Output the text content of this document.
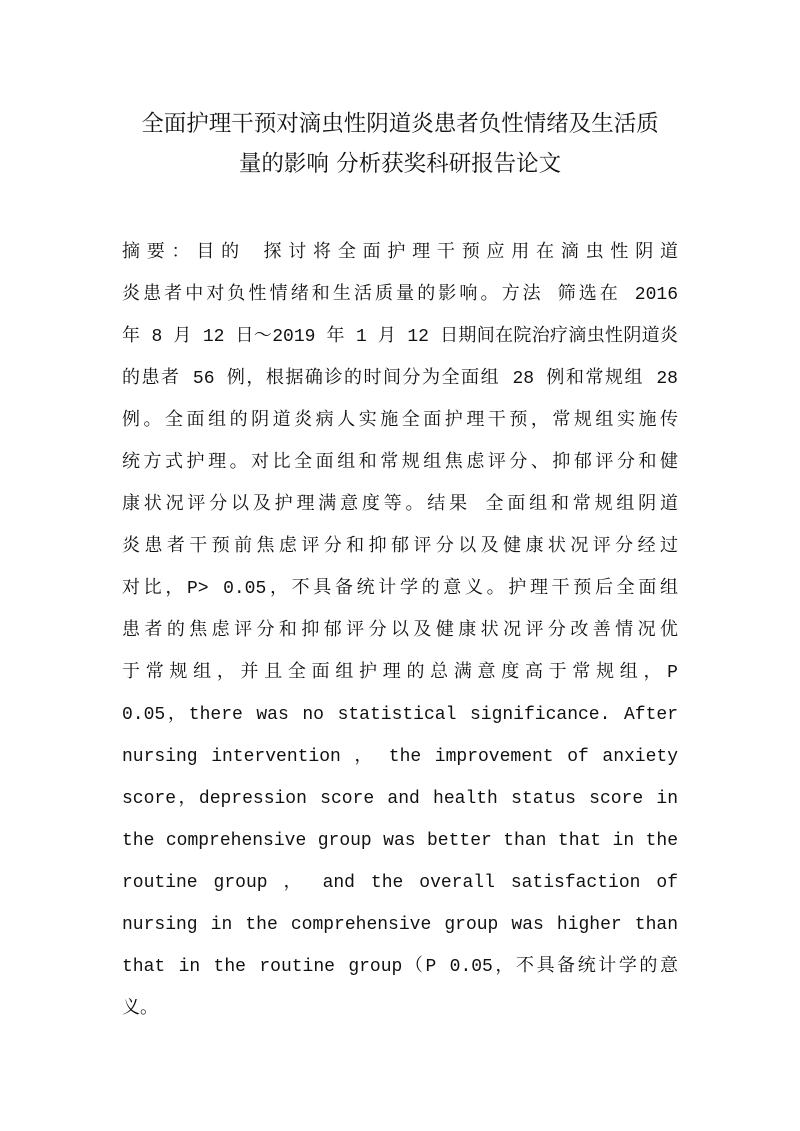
全面护理干预对滴虫性阴道炎患者负性情绪及生活质
量的影响 分析获奖科研报告论文
摘要：目的 探讨将全面护理干预应用在滴虫性阴道
炎患者中对负性情绪和生活质量的影响。方法 筛选在 2016
年 8 月 12 日～2019 年 1 月 12 日期间在院治疗滴虫性阴道炎
的患者 56 例，根据确诊的时间分为全面组 28 例和常规组 28
例。全面组的阴道炎病人实施全面护理干预，常规组实施传
统方式护理。对比全面组和常规组焦虑评分、抑郁评分和健
康状况评分以及护理满意度等。结果 全面组和常规组阴道
炎患者干预前焦虑评分和抑郁评分以及健康状况评分经过
对比，P> 0.05，不具备统计学的意义。护理干预后全面组
患者的焦虑评分和抑郁评分以及健康状况评分改善情况优
于常规组，并且全面组护理的总满意度高于常规组，P
0.05，there was no statistical significance. After
nursing intervention ， the improvement of anxiety
score，depression score and health status score in
the comprehensive group was better than that in the
routine group ， and the overall satisfaction of
nursing in the comprehensive group was higher than
that in the routine group（P 0.05，不具备统计学的意
义。
